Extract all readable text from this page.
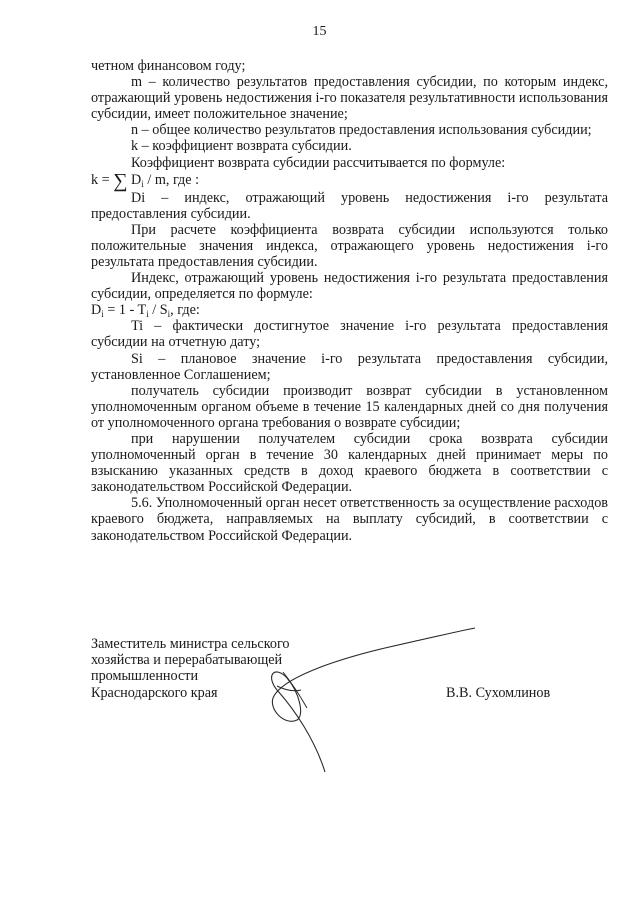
15

четном финансовом году;

m – количество результатов предоставления субсидии, по которым индекс, отражающий уровень недостижения i-го показателя результативности использования субсидии, имеет положительное значение;

n – общее количество результатов предоставления использования субсидии;

k – коэффициент возврата субсидии.

Коэффициент возврата субсидии рассчитывается по формуле:

k = ∑ $D_i$ / m, где :

Di – индекс, отражающий уровень недостижения i-го результата предоставления субсидии.

При расчете коэффициента возврата субсидии используются только положительные значения индекса, отражающего уровень недостижения i-го результата предоставления субсидии.

Индекс, отражающий уровень недостижения i-го результата предоставления субсидии, определяется по формуле:

$D_i = 1 - T_i / S_i$, где:

Ti – фактически достигнутое значение i-го результата предоставления субсидии на отчетную дату;

Si – плановое значение i-го результата предоставления субсидии, установленное Соглашением;

получатель субсидии производит возврат субсидии в установленном уполномоченным органом объеме в течение 15 календарных дней со дня получения от уполномоченного органа требования о возврате субсидии;

при нарушении получателем субсидии срока возврата субсидии уполномоченный орган в течение 30 календарных дней принимает меры по взысканию указанных средств в доход краевого бюджета в соответствии с законодательством Российской Федерации.

5.6. Уполномоченный орган несет ответственность за осуществление расходов краевого бюджета, направляемых на выплату субсидий, в соответствии с законодательством Российской Федерации.

Заместитель министра сельского
хозяйства и перерабатывающей
промышленности
Краснодарского края	В.В. Сухомлинов
